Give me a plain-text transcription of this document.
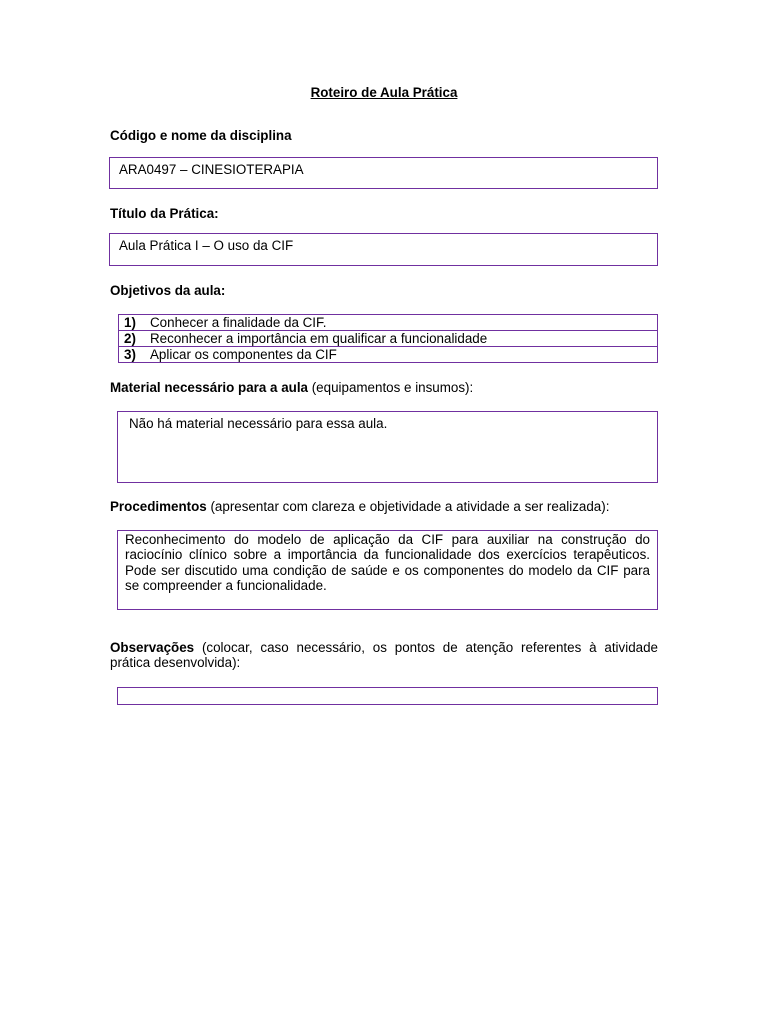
Roteiro de Aula Prática
Código e nome da disciplina
ARA0497 – CINESIOTERAPIA
Título da Prática:
Aula Prática I – O uso da CIF
Objetivos da aula:
1)	Conhecer a finalidade da CIF.
2)	Reconhecer a importância em qualificar a funcionalidade
3)	Aplicar os componentes da CIF
Material necessário para a aula (equipamentos e insumos):
Não há material necessário para essa aula.
Procedimentos (apresentar com clareza e objetividade a atividade a ser realizada):
Reconhecimento do modelo de aplicação da CIF para auxiliar na construção do raciocínio clínico sobre a importância da funcionalidade dos exercícios terapêuticos. Pode ser discutido uma condição de saúde e os componentes do modelo da CIF para se compreender a funcionalidade.
Observações (colocar, caso necessário, os pontos de atenção referentes à atividade prática desenvolvida):
